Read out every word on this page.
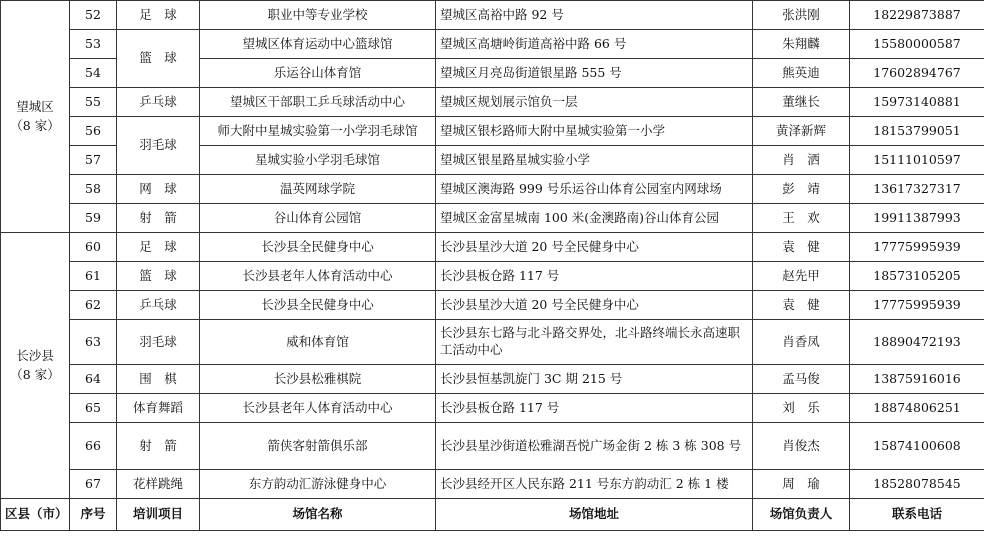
望城区
（8 家）	52	足　球	职业中等专业学校	望城区高裕中路 92 号	张洪刚	18229873887
	53	篮　球	望城区体育运动中心篮球馆	望城区高塘岭街道高裕中路 66 号	朱翔麟	15580000587
	54		乐运谷山体育馆	望城区月亮岛街道银星路 555 号	熊英迪	17602894767
	55	乒乓球	望城区干部职工乒乓球活动中心	望城区规划展示馆负一层	董继长	15973140881
	56	羽毛球	师大附中星城实验第一小学羽毛球馆	望城区银杉路师大附中星城实验第一小学	黄泽新辉	18153799051
	57		星城实验小学羽毛球馆	望城区银星路星城实验小学	肖　洒	15111010597
	58	网　球	温英网球学院	望城区澳海路 999 号乐运谷山体育公园室内网球场	彭　靖	13617327317
	59	射　箭	谷山体育公园馆	望城区金富星城南 100 米(金澳路南)谷山体育公园	王　欢	19911387993
长沙县
（8 家）	60	足　球	长沙县全民健身中心	长沙县星沙大道 20 号全民健身中心	袁　健	17775995939
	61	篮　球	长沙县老年人体育活动中心	长沙县板仓路 117 号	赵先甲	18573105205
	62	乒乓球	长沙县全民健身中心	长沙县星沙大道 20 号全民健身中心	袁　健	17775995939
	63	羽毛球	威和体育馆	长沙县东七路与北斗路交界处，北斗路终端长永高速职工活动中心	肖香凤	18890472193
	64	围　棋	长沙县松雅棋院	长沙县恒基凯旋门 3C 期 215 号	孟马俊	13875916016
	65	体育舞蹈	长沙县老年人体育活动中心	长沙县板仓路 117 号	刘　乐	18874806251
	66	射　箭	箭侠客射箭俱乐部	长沙县星沙街道松雅湖吾悦广场金街 2 栋 3 栋 308 号	肖俊杰	15874100608
	67	花样跳绳	东方韵动汇游泳健身中心	长沙县经开区人民东路 211 号东方韵动汇 2 栋 1 楼	周　瑜	18528078545
区县（市）	序号	培训项目	场馆名称	场馆地址	场馆负责人	联系电话
